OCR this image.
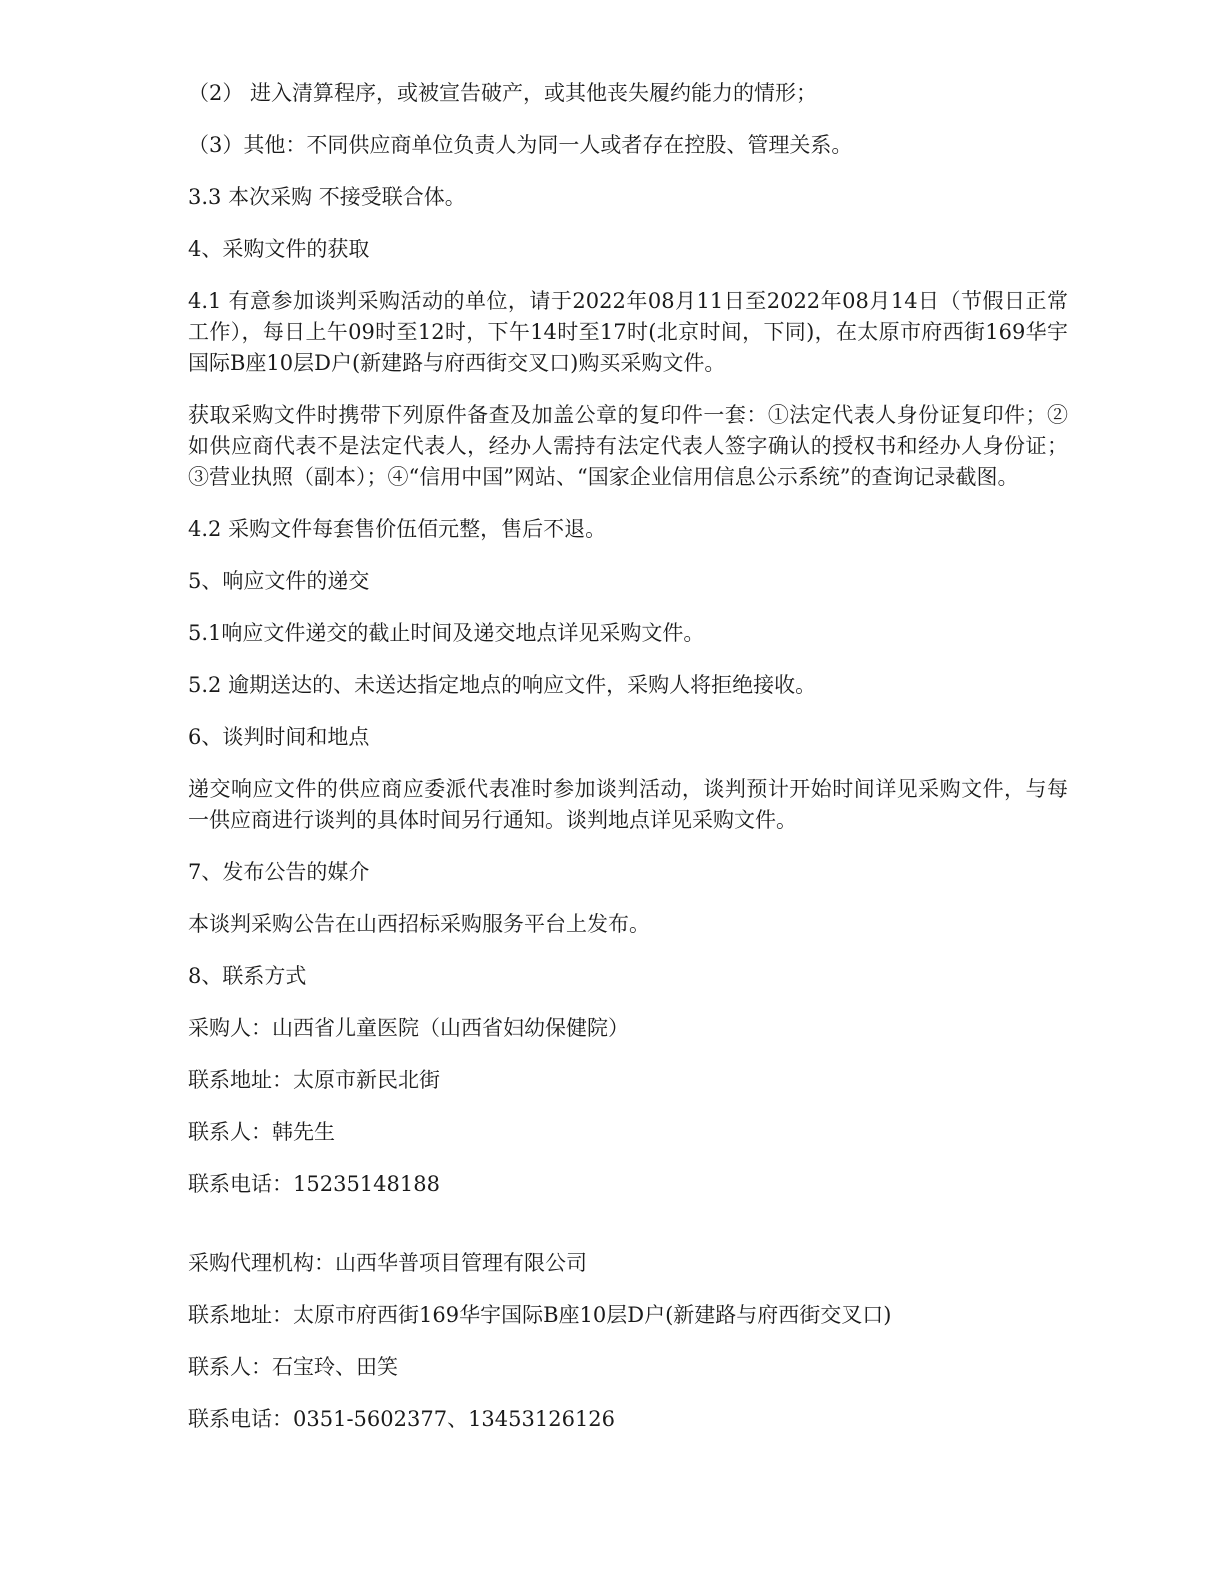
（2） 进入清算程序，或被宣告破产，或其他丧失履约能力的情形；

（3）其他：不同供应商单位负责人为同一人或者存在控股、管理关系。

3.3 本次采购 不接受联合体。

4、采购文件的获取

4.1 有意参加谈判采购活动的单位，请于2022年08月11日至2022年08月14日（节假日正常工作），每日上午09时至12时，下午14时至17时(北京时间，下同)，在太原市府西街169华宇国际B座10层D户(新建路与府西街交叉口)购买采购文件。

获取采购文件时携带下列原件备查及加盖公章的复印件一套：①法定代表人身份证复印件；②如供应商代表不是法定代表人，经办人需持有法定代表人签字确认的授权书和经办人身份证；③营业执照（副本）；④“信用中国”网站、“国家企业信用信息公示系统”的查询记录截图。

4.2 采购文件每套售价伍佰元整，售后不退。

5、响应文件的递交

5.1响应文件递交的截止时间及递交地点详见采购文件。

5.2 逾期送达的、未送达指定地点的响应文件，采购人将拒绝接收。

6、谈判时间和地点

递交响应文件的供应商应委派代表准时参加谈判活动，谈判预计开始时间详见采购文件，与每一供应商进行谈判的具体时间另行通知。谈判地点详见采购文件。

7、发布公告的媒介

本谈判采购公告在山西招标采购服务平台上发布。

8、联系方式

采购人：山西省儿童医院（山西省妇幼保健院）

联系地址：太原市新民北街

联系人：韩先生

联系电话：15235148188

采购代理机构：山西华普项目管理有限公司

联系地址：太原市府西街169华宇国际B座10层D户(新建路与府西街交叉口)

联系人：石宝玲、田笑

联系电话：0351-5602377、13453126126
